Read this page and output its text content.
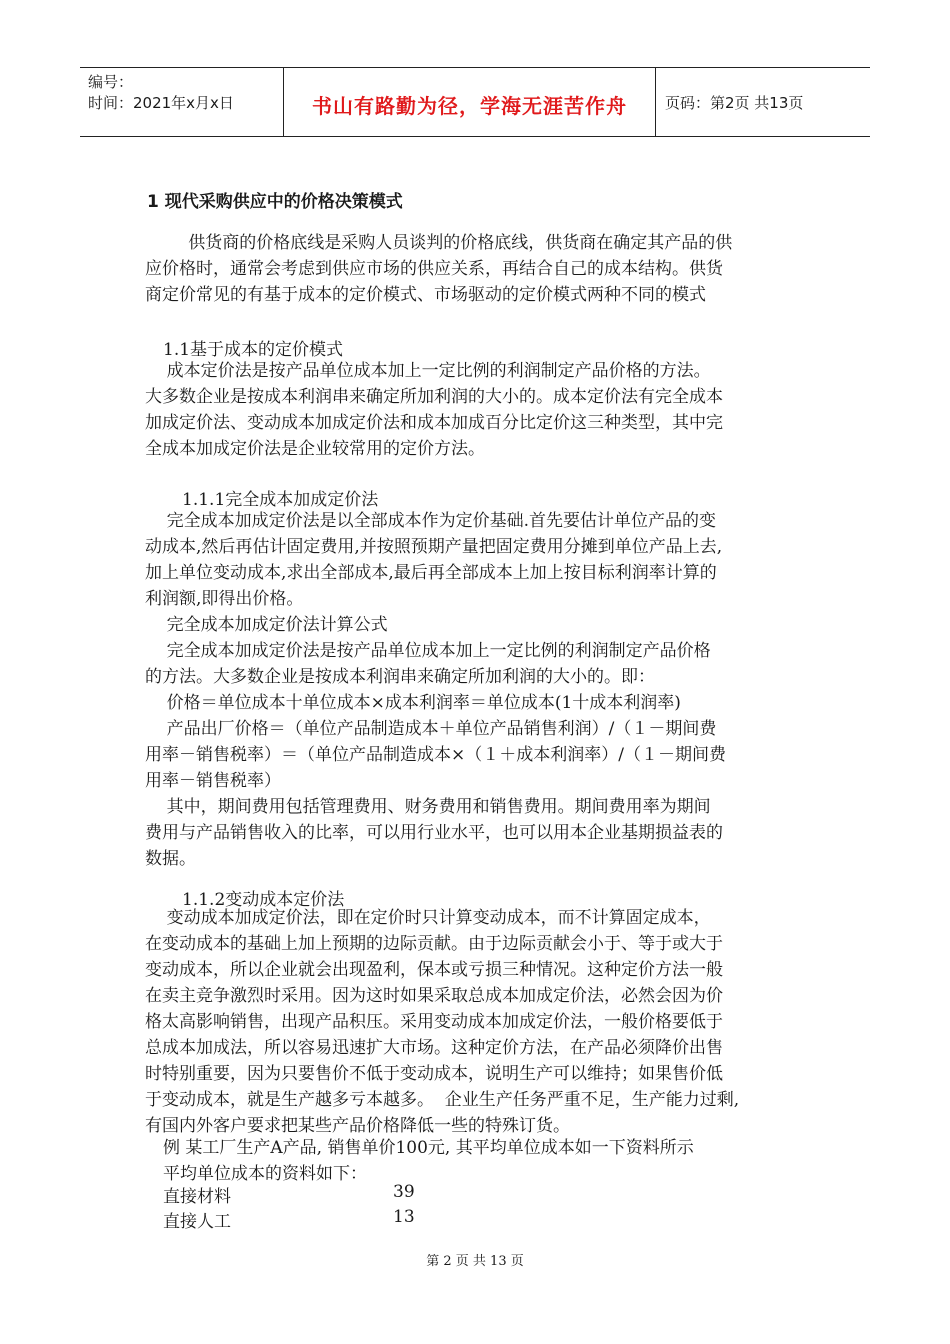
编号：
时间：2021年x月x日	书山有路勤为径，学海无涯苦作舟	页码：第2页 共13页
1 现代采购供应中的价格决策模式

供货商的价格底线是采购人员谈判的价格底线，供货商在确定其产品的供
应价格时，通常会考虑到供应市场的供应关系，再结合自己的成本结构。供货
商定价常见的有基于成本的定价模式、市场驱动的定价模式两种不同的模式

1.1基于成本的定价模式

成本定价法是按产品单位成本加上一定比例的利润制定产品价格的方法。
大多数企业是按成本利润串来确定所加利润的大小的。成本定价法有完全成本
加成定价法、变动成本加成定价法和成本加成百分比定价这三种类型，其中完
全成本加成定价法是企业较常用的定价方法。

1.1.1完全成本加成定价法

完全成本加成定价法是以全部成本作为定价基础.首先要估计单位产品的变
动成本,然后再估计固定费用,并按照预期产量把固定费用分摊到单位产品上去,
加上单位变动成本,求出全部成本,最后再全部成本上加上按目标利润率计算的
利润额,即得出价格。
完全成本加成定价法计算公式
完全成本加成定价法是按产品单位成本加上一定比例的利润制定产品价格
的方法。大多数企业是按成本利润串来确定所加利润的大小的。即：
价格＝单位成本十单位成本×成本利润率＝单位成本(1十成本利润率)
产品出厂价格＝（单位产品制造成本＋单位产品销售利润）/（１－期间费
用率－销售税率）＝（单位产品制造成本×（１＋成本利润率）/（１－期间费
用率－销售税率）
其中，期间费用包括管理费用、财务费用和销售费用。期间费用率为期间
费用与产品销售收入的比率，可以用行业水平，也可以用本企业基期损益表的
数据。

1.1.2变动成本定价法

变动成本加成定价法，即在定价时只计算变动成本，而不计算固定成本，
在变动成本的基础上加上预期的边际贡献。由于边际贡献会小于、等于或大于
变动成本，所以企业就会出现盈利，保本或亏损三种情况。这种定价方法一般
在卖主竞争激烈时采用。因为这时如果采取总成本加成定价法，必然会因为价
格太高影响销售，出现产品积压。采用变动成本加成定价法，一般价格要低于
总成本加成法，所以容易迅速扩大市场。这种定价方法，在产品必须降价出售
时特别重要，因为只要售价不低于变动成本，说明生产可以维持；如果售价低
于变动成本，就是生产越多亏本越多。  企业生产任务严重不足，生产能力过剩,
有国内外客户要求把某些产品价格降低一些的特殊订货。

例 某工厂生产A产品, 销售单价100元, 其平均单位成本如一下资料所示
平均单位成本的资料如下：
直接材料	39
直接人工	13
第 2 页 共 13 页
